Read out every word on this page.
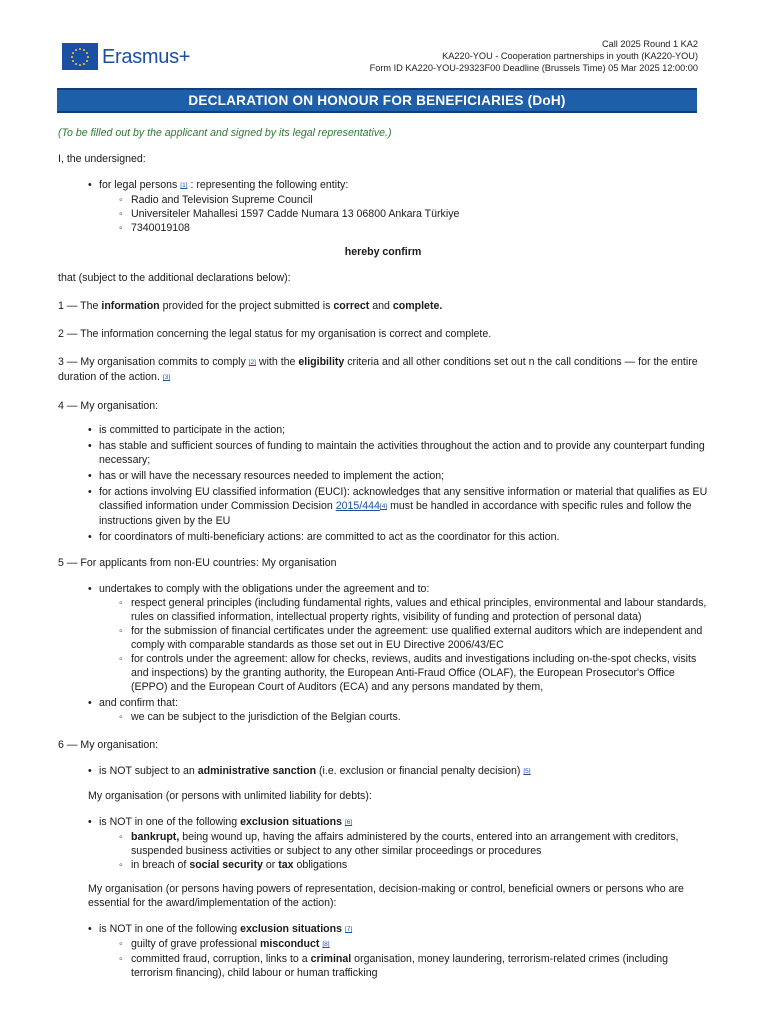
Erasmus+
Call 2025 Round 1 KA2
KA220-YOU - Cooperation partnerships in youth (KA220-YOU)
Form ID KA220-YOU-29323F00 Deadline (Brussels Time) 05 Mar 2025 12:00:00
DECLARATION ON HONOUR FOR BENEFICIARIES (DoH)

(To be filled out by the applicant and signed by its legal representative.)

I, the undersigned:

• for legal persons [1] : representing the following entity:
◦ Radio and Television Supreme Council
◦ Universiteler Mahallesi 1597 Cadde Numara 13 06800 Ankara Türkiye
◦ 7340019108

hereby confirm

that (subject to the additional declarations below):

1 — The information provided for the project submitted is correct and complete.

2 — The information concerning the legal status for my organisation is correct and complete.

3 — My organisation commits to comply [2] with the eligibility criteria and all other conditions set out n the call conditions — for the entire duration of the action. [3]

4 — My organisation:

• is committed to participate in the action;
• has stable and sufficient sources of funding to maintain the activities throughout the action and to provide any counterpart funding necessary;
• has or will have the necessary resources needed to implement the action;
• for actions involving EU classified information (EUCI): acknowledges that any sensitive information or material that qualifies as EU classified information under Commission Decision 2015/444[4] must be handled in accordance with specific rules and follow the instructions given by the EU
• for coordinators of multi-beneficiary actions: are committed to act as the coordinator for this action.

5 — For applicants from non-EU countries: My organisation

• undertakes to comply with the obligations under the agreement and to:
◦ respect general principles (including fundamental rights, values and ethical principles, environmental and labour standards, rules on classified information, intellectual property rights, visibility of funding and protection of personal data)
◦ for the submission of financial certificates under the agreement: use qualified external auditors which are independent and comply with comparable standards as those set out in EU Directive 2006/43/EC
◦ for controls under the agreement: allow for checks, reviews, audits and investigations including on-the-spot checks, visits and inspections) by the granting authority, the European Anti-Fraud Office (OLAF), the European Prosecutor's Office (EPPO) and the European Court of Auditors (ECA) and any persons mandated by them,
• and confirm that:
◦ we can be subject to the jurisdiction of the Belgian courts.

6 — My organisation:

• is NOT subject to an administrative sanction (i.e. exclusion or financial penalty decision) [5]

My organisation (or persons with unlimited liability for debts):

• is NOT in one of the following exclusion situations [6]
◦ bankrupt, being wound up, having the affairs administered by the courts, entered into an arrangement with creditors, suspended business activities or subject to any other similar proceedings or procedures
◦ in breach of social security or tax obligations

My organisation (or persons having powers of representation, decision-making or control, beneficial owners or persons who are essential for the award/implementation of the action):

• is NOT in one of the following exclusion situations [7]
◦ guilty of grave professional misconduct [8]
◦ committed fraud, corruption, links to a criminal organisation, money laundering, terrorism-related crimes (including terrorism financing), child labour or human trafficking
